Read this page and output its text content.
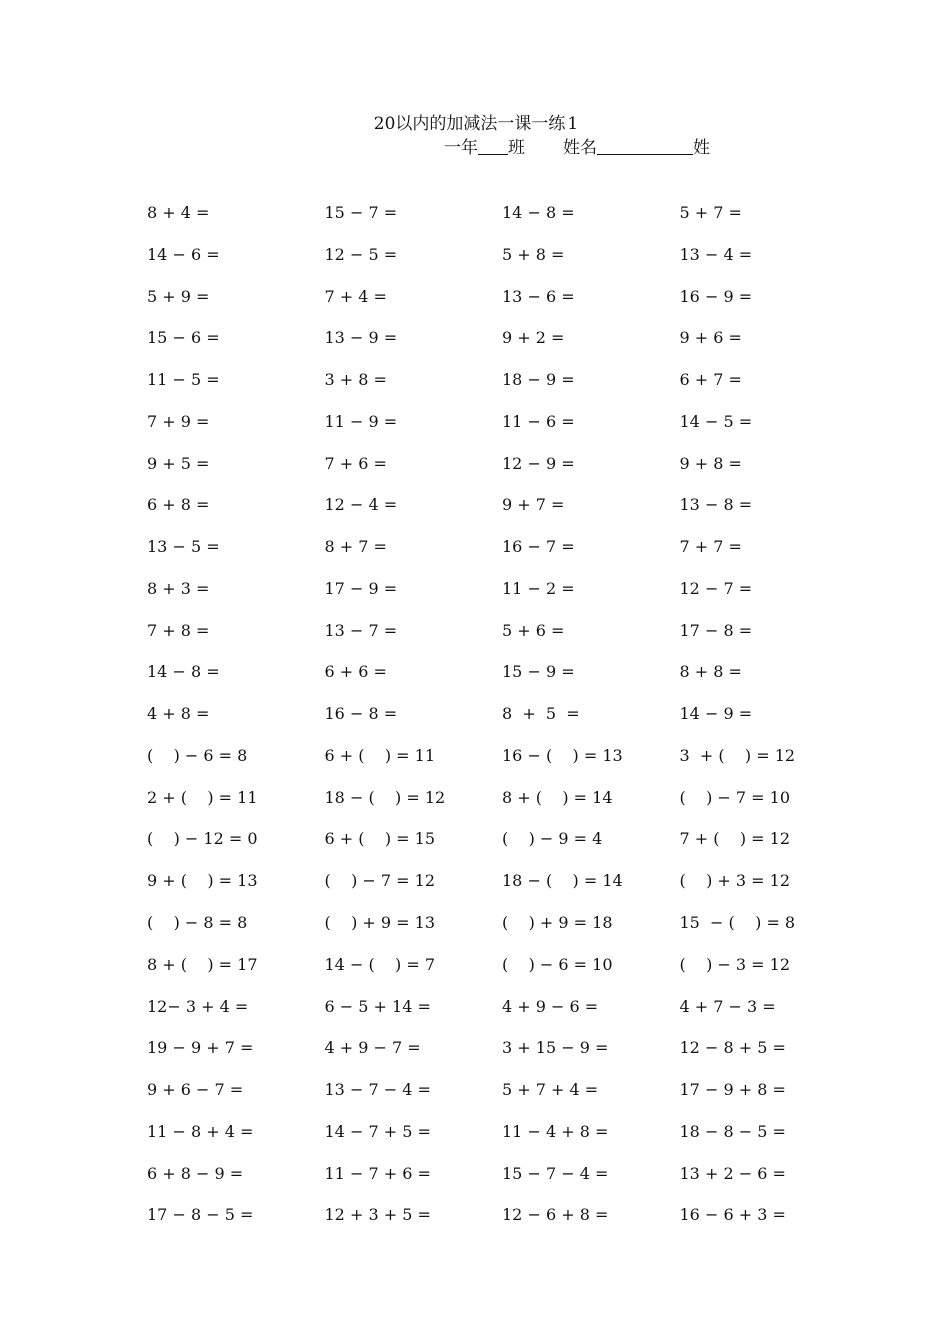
20以内的加减法一课一练 1
一年 班 姓名	姓
8 + 4 =	15 − 7 =	14 − 8 =	5 + 7 =
14 − 6 =	12 − 5 =	5 + 8 =	13 − 4 =
5 + 9 =	7 + 4 =	13 − 6 =	16 − 9 =
15 − 6 =	13 − 9 =	9 + 2 =	9 + 6 =
11 − 5 =	3 + 8 =	18 − 9 =	6 + 7 =
7 + 9 =	11 − 9 =	11 − 6 =	14 − 5 =
9 + 5 =	7 + 6 =	12 − 9 =	9 + 8 =
6 + 8 =	12 − 4 =	9 + 7 =	13 − 8 =
13 − 5 =	8 + 7 =	16 − 7 =	7 + 7 =
8 + 3 =	17 − 9 =	11 − 2 =	12 − 7 =
7 + 8 =	13 − 7 =	5 + 6 =	17 − 8 =
14 − 8 =	6 + 6 =	15 − 9 =	8 + 8 =
4 + 8 =	16 − 8 =	8  +  5  =	14 − 9 =
(    ) − 6 = 8	6 + (    ) = 11	16 − (    ) = 13	3  + (    ) = 12
2 + (    ) = 11	18 − (    ) = 12	8 + (    ) = 14	(    ) − 7 = 10
(    ) − 12 = 0	6 + (    ) = 15	(    ) − 9 = 4	7 + (    ) = 12
9 + (    ) = 13	(    ) − 7 = 12	18 − (    ) = 14	(    ) + 3 = 12
(    ) − 8 = 8	(    ) + 9 = 13	(    ) + 9 = 18	15  − (    ) = 8
8 + (    ) = 17	14 − (    ) = 7	(    ) − 6 = 10	(    ) − 3 = 12
12− 3 + 4 =	6 − 5 + 14 =	4 + 9 − 6 =	4 + 7 − 3 =
19 − 9 + 7 =	4 + 9 − 7 =	3 + 15 − 9 =	12 − 8 + 5 =
9 + 6 − 7 =	13 − 7 − 4 =	5 + 7 + 4 =	17 − 9 + 8 =
11 − 8 + 4 =	14 − 7 + 5 =	11 − 4 + 8 =	18 − 8 − 5 =
6 + 8 − 9 =	11 − 7 + 6 =	15 − 7 − 4 =	13 + 2 − 6 =
17 − 8 − 5 =	12 + 3 + 5 =	12 − 6 + 8 =	16 − 6 + 3 =
